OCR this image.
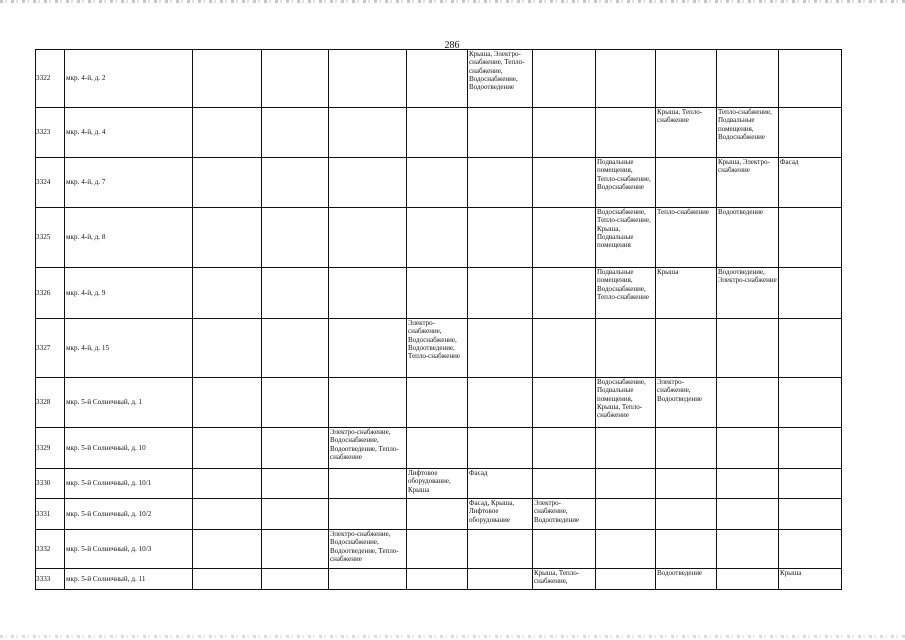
286
3322	мкр. 4-й, д. 2					Крыша, Электро-снабжение, Тепло-снабжение, Водоснабжение, Водоотведение					
3323	мкр. 4-й, д. 4								Крыша, Тепло-снабжение	Тепло-снабжение, Подвальные помещения, Водоснабжение	
3324	мкр. 4-й, д. 7							Подвальные помещения, Тепло-снабжение, Водоснабжение		Крыша, Электро-снабжение	Фасад
3325	мкр. 4-й, д. 8							Водоснабжение, Тепло-снабжение, Крыша, Подвальные помещения	Тепло-снабжение	Водоотведение	
3326	мкр. 4-й, д. 9							Подвальные помещения, Водоснабжение, Тепло-снабжение	Крыша	Водоотведение, Электро-снабжение	
3327	мкр. 4-й, д. 15				Электро-снабжение, Водоснабжение, Водоотведение, Тепло-снабжение						
3328	мкр. 5-й Солнечный, д. 1							Водоснабжение, Подвальные помещения, Крыша, Тепло-снабжение	Электро-снабжение, Водоотведение		
3329	мкр. 5-й Солнечный, д. 10			Электро-снабжение, Водоснабжение, Водоотведение, Тепло-снабжение							
3330	мкр. 5-й Солнечный, д. 10/1				Лифтовое оборудование, Крыша	Фасад					
3331	мкр. 5-й Солнечный, д. 10/2					Фасад, Крыша, Лифтовое оборудование	Электро-снабжение, Водоотведение				
3332	мкр. 5-й Солнечный, д. 10/3			Электро-снабжение, Водоснабжение, Водоотведение, Тепло-снабжение							
3333	мкр. 5-й Солнечный, д. 11						Крыша, Тепло-снабжение,		Водоотведение		Крыша
